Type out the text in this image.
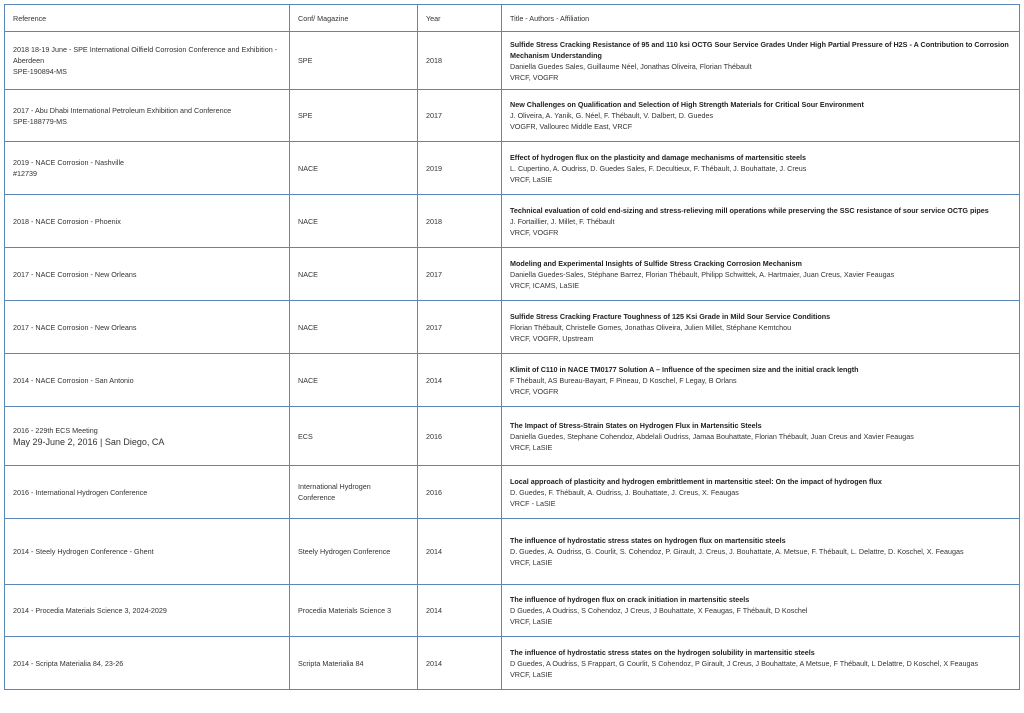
Reference	Conf/ Magazine	Year	Title - Authors - Affiliation

2018 18-19 June - SPE International Oilfield Corrosion Conference and Exhibition - Aberdeen
SPE-190894-MS	SPE	2018	Sulfide Stress Cracking Resistance of 95 and 110 ksi OCTG Sour Service Grades Under High Partial Pressure of H2S - A Contribution to Corrosion Mechanism Understanding
Daniella Guedes Sales, Guillaume Néel, Jonathas Oliveira, Florian Thébault
VRCF, VOGFR

2017 - Abu Dhabi International Petroleum Exhibition and Conference
SPE-188779-MS	SPE	2017	New Challenges on Qualification and Selection of High Strength Materials for Critical Sour Environment
J. Oliveira, A. Yanik, G. Néel, F. Thébault, V. Dalbert, D. Guedes
VOGFR, Vallourec Middle East, VRCF

2019 - NACE Corrosion - Nashville
#12739	NACE	2019	Effect of hydrogen flux on the plasticity and damage mechanisms of martensitic steels
L. Cupertino, A. Oudriss, D. Guedes Sales, F. Decultieux, F. Thébault, J. Bouhattate, J. Creus
VRCF, LaSIE

2018 - NACE Corrosion - Phoenix	NACE	2018	Technical evaluation of cold end-sizing and stress-relieving mill operations while preserving the SSC resistance of sour service OCTG pipes
J. Fortaillier, J. Millet, F. Thébault
VRCF, VOGFR

2017 - NACE Corrosion - New Orleans	NACE	2017	Modeling and Experimental Insights of Sulfide Stress Cracking Corrosion Mechanism
Daniella Guedes-Sales, Stéphane Barrez, Florian Thébault, Philipp Schwittek, A. Hartmaier, Juan Creus, Xavier Feaugas
VRCF, ICAMS, LaSIE

2017 - NACE Corrosion - New Orleans	NACE	2017	Sulfide Stress Cracking Fracture Toughness of 125 Ksi Grade in Mild Sour Service Conditions
Florian Thébault, Christelle Gomes, Jonathas Oliveira, Julien Millet, Stéphane Kemtchou
VRCF, VOGFR, Upstream

2014 - NACE Corrosion - San Antonio	NACE	2014	Klimit of C110 in NACE TM0177 Solution A – Influence of the specimen size and the initial crack length
F Thébault, AS Bureau-Bayart, F Pineau, D Koschel, F Legay, B Orlans
VRCF, VOGFR

2016 - 229th ECS Meeting
May 29-June 2, 2016 | San Diego, CA	ECS	2016	The Impact of Stress-Strain States on Hydrogen Flux in Martensitic Steels
Daniella Guedes, Stephane Cohendoz, Abdelali Oudriss, Jamaa Bouhattate, Florian Thébault, Juan Creus and Xavier Feaugas
VRCF, LaSIE

2016 - International Hydrogen Conference	International Hydrogen Conference	2016	Local approach of plasticity and hydrogen embrittlement in martensitic steel: On the impact of hydrogen flux
D. Guedes, F. Thébault, A. Oudriss, J. Bouhattate, J. Creus, X. Feaugas
VRCF - LaSIE

2014 - Steely Hydrogen Conference - Ghent	Steely Hydrogen Conference	2014	The influence of hydrostatic stress states on hydrogen flux on martensitic steels
D. Guedes, A. Oudriss, G. Courlit, S. Cohendoz, P. Girault, J. Creus, J. Bouhattate, A. Metsue, F. Thébault, L. Delattre, D. Koschel, X. Feaugas
VRCF, LaSIE

2014 - Procedia Materials Science 3, 2024-2029	Procedia Materials Science 3	2014	The influence of hydrogen flux on crack initiation in martensitic steels
D Guedes, A Oudriss, S Cohendoz, J Creus, J Bouhattate, X Feaugas, F Thébault, D Koschel
VRCF, LaSIE

2014 - Scripta Materialia 84, 23-26	Scripta Materialia 84	2014	The influence of hydrostatic stress states on the hydrogen solubility in martensitic steels
D Guedes, A Oudriss, S Frappart, G Courlit, S Cohendoz, P Girault, J Creus, J Bouhattate, A Metsue, F Thébault, L Delattre, D Koschel, X Feaugas
VRCF, LaSIE
